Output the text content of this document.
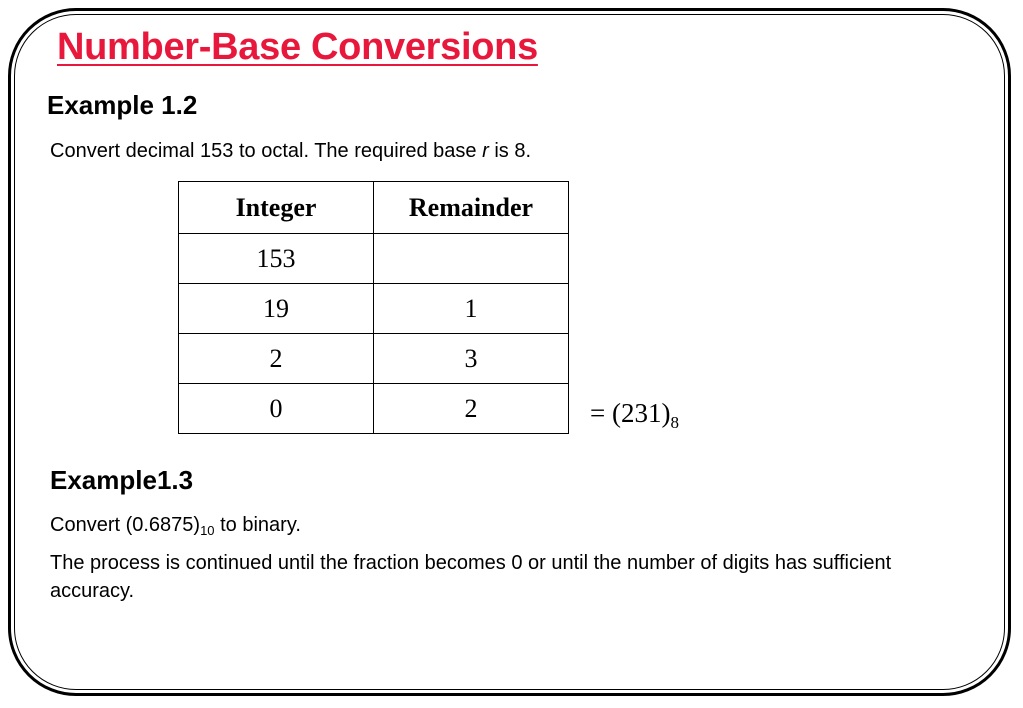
Number-Base Conversions
Example 1.2
Convert decimal 153 to octal. The required base r is 8.
Integer	Remainder
153	
19	1
2	3
0	2	= $(231)_8$
Example1.3
Convert $(0.6875)_{10}$ to binary.
The process is continued until the fraction becomes 0 or until the number of digits has sufficient accuracy.
